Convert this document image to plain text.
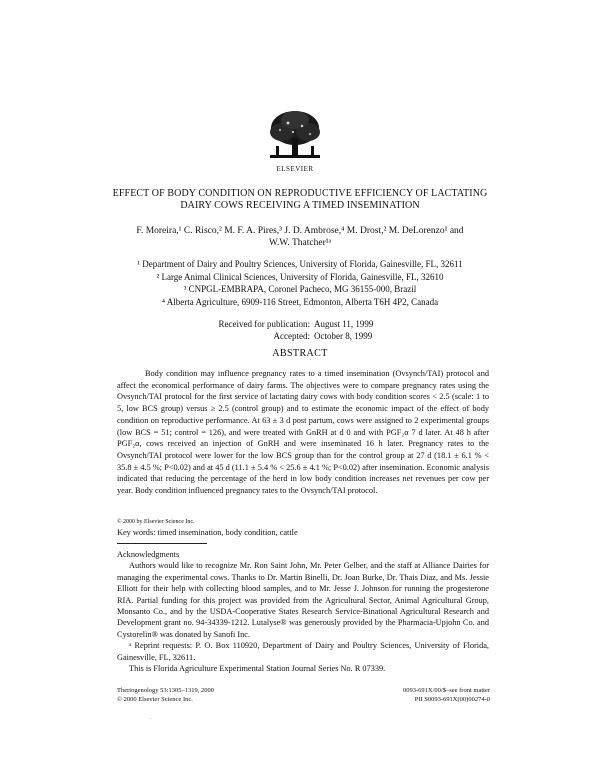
ELSEVIER
EFFECT OF BODY CONDITION ON REPRODUCTIVE EFFICIENCY OF LACTATING
DAIRY COWS RECEIVING A TIMED INSEMINATION
F. Moreira,¹ C. Risco,² M. F. A. Pires,³ J. D. Ambrose,⁴ M. Drost,² M. DeLorenzo¹ and
W.W. Thatcher¹ᵃ
¹ Department of Dairy and Poultry Sciences, University of Florida, Gainesville, FL, 32611
² Large Animal Clinical Sciences, University of Florida, Gainesville, FL, 32610
³ CNPGL-EMBRAPA, Coronel Pacheco, MG 36155-000, Brazil
⁴ Alberta Agriculture, 6909-116 Street, Edmonton, Alberta T6H 4P2, Canada
Received for publication: August 11, 1999
Accepted: October 8, 1999
ABSTRACT

Body condition may influence pregnancy rates to a timed insemination (Ovsynch/TAI) protocol and affect the economical performance of dairy farms. The objectives were to compare pregnancy rates using the Ovsynch/TAI protocol for the first service of lactating dairy cows with body condition scores < 2.5 (scale: 1 to 5, low BCS group) versus ≥ 2.5 (control group) and to estimate the economic impact of the effect of body condition on reproductive performance. At 63 ± 3 d post partum, cows were assigned to 2 experimental groups (low BCS = 51; control = 126), and were treated with GnRH at d 0 and with PGF₂α 7 d later. At 48 h after PGF₂α, cows received an injection of GnRH and were inseminated 16 h later. Pregnancy rates to the Ovsynch/TAI protocol were lower for the low BCS group than for the control group at 27 d (18.1 ± 6.1 % < 35.8 ± 4.5 %; P<0.02) and at 45 d (11.1 ± 5.4 % < 25.6 ± 4.1 %; P<0.02) after insemination. Economic analysis indicated that reducing the percentage of the herd in low body condition increases net revenues per cow per year. Body condition influenced pregnancy rates to the Ovsynch/TAI protocol.

© 2000 by Elsevier Science Inc.
Key words: timed insemination, body condition, cattle
Acknowledgments

Authors would like to recognize Mr. Ron Saint John, Mr. Peter Gelber, and the staff at Alliance Dairies for managing the experimental cows. Thanks to Dr. Martin Binelli, Dr. Joan Burke, Dr. Thais Diaz, and Ms. Jessie Elliott for their help with collecting blood samples, and to Mr. Jesse J. Johnson for running the progesterone RIA. Partial funding for this project was provided from the Agricultural Sector, Animal Agricultural Group, Monsanto Co., and by the USDA-Cooperative States Research Service-Binational Agricultural Research and Development grant no. 94-34339-1212. Lutalyse® was generously provided by the Pharmacia-Upjohn Co. and Cystorelin® was donated by Sanofi Inc.

ᵃ Reprint requests: P. O. Box 110920, Department of Dairy and Poultry Sciences, University of Florida, Gainesville, FL, 32611.

This is Florida Agriculture Experimental Station Journal Series No. R 07339.

Theriogenology 53:1305–1319, 2000
© 2000 Elsevier Science Inc.
0093-691X/00/$–see front matter
PII S0093-691X(00)00274-0
.
